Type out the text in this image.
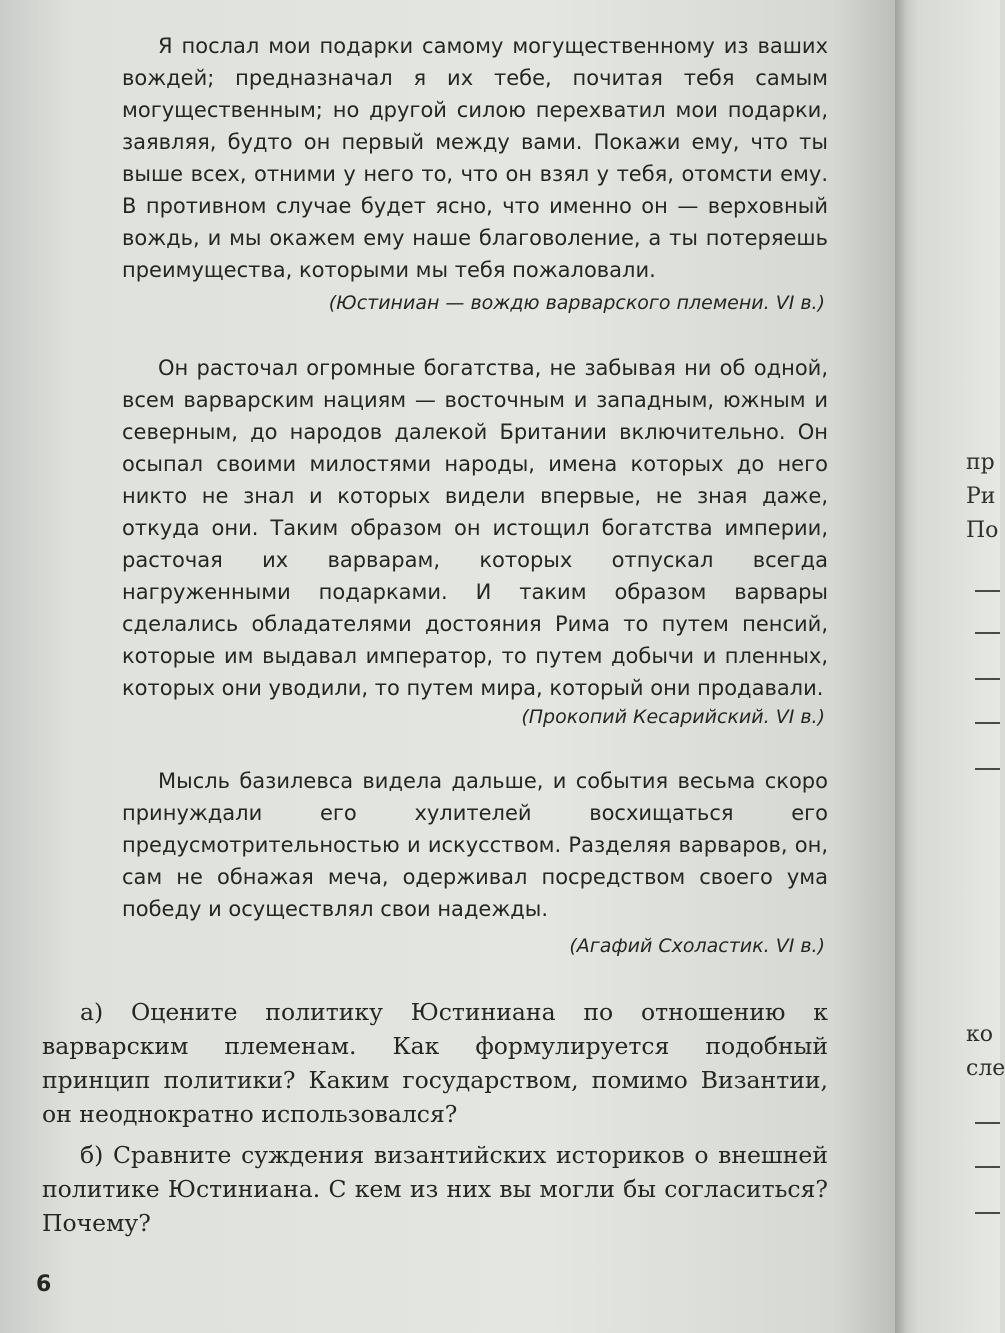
пр
Ри
По
ко
сле

Я послал мои подарки самому могущественному из ваших вождей; предназначал я их тебе, почитая тебя самым могущественным; но другой силою перехватил мои подарки, заявляя, будто он первый между вами. Покажи ему, что ты выше всех, отними у него то, что он взял у тебя, отомсти ему. В противном случае будет ясно, что именно он — верховный вождь, и мы окажем ему наше благоволение, а ты потеряешь преимущества, которыми мы тебя пожаловали.

(Юстиниан — вождю варварского племени. VI в.)

Он расточал огромные богатства, не забывая ни об одной, всем варварским нациям — восточным и западным, южным и северным, до народов далекой Британии включительно. Он осыпал своими милостями народы, имена которых до него никто не знал и которых видели впервые, не зная даже, откуда они. Таким образом он истощил богатства империи, расточая их варварам, которых отпускал всегда нагруженными подарками. И таким образом варвары сделались обладателями достояния Рима то путем пенсий, которые им выдавал император, то путем добычи и пленных, которых они уводили, то путем мира, который они продавали.

(Прокопий Кесарийский. VI в.)

Мысль базилевса видела дальше, и события весьма скоро принуждали его хулителей восхищаться его предусмотрительностью и искусством. Разделяя варваров, он, сам не обнажая меча, одерживал посредством своего ума победу и осуществлял свои надежды.

(Агафий Схоластик. VI в.)

а) Оцените политику Юстиниана по отношению к варварским племенам. Как формулируется подобный принцип политики? Каким государством, помимо Византии, он неоднократно использовался?

б) Сравните суждения византийских историков о внешней политике Юстиниана. С кем из них вы могли бы согласиться? Почему?

6
